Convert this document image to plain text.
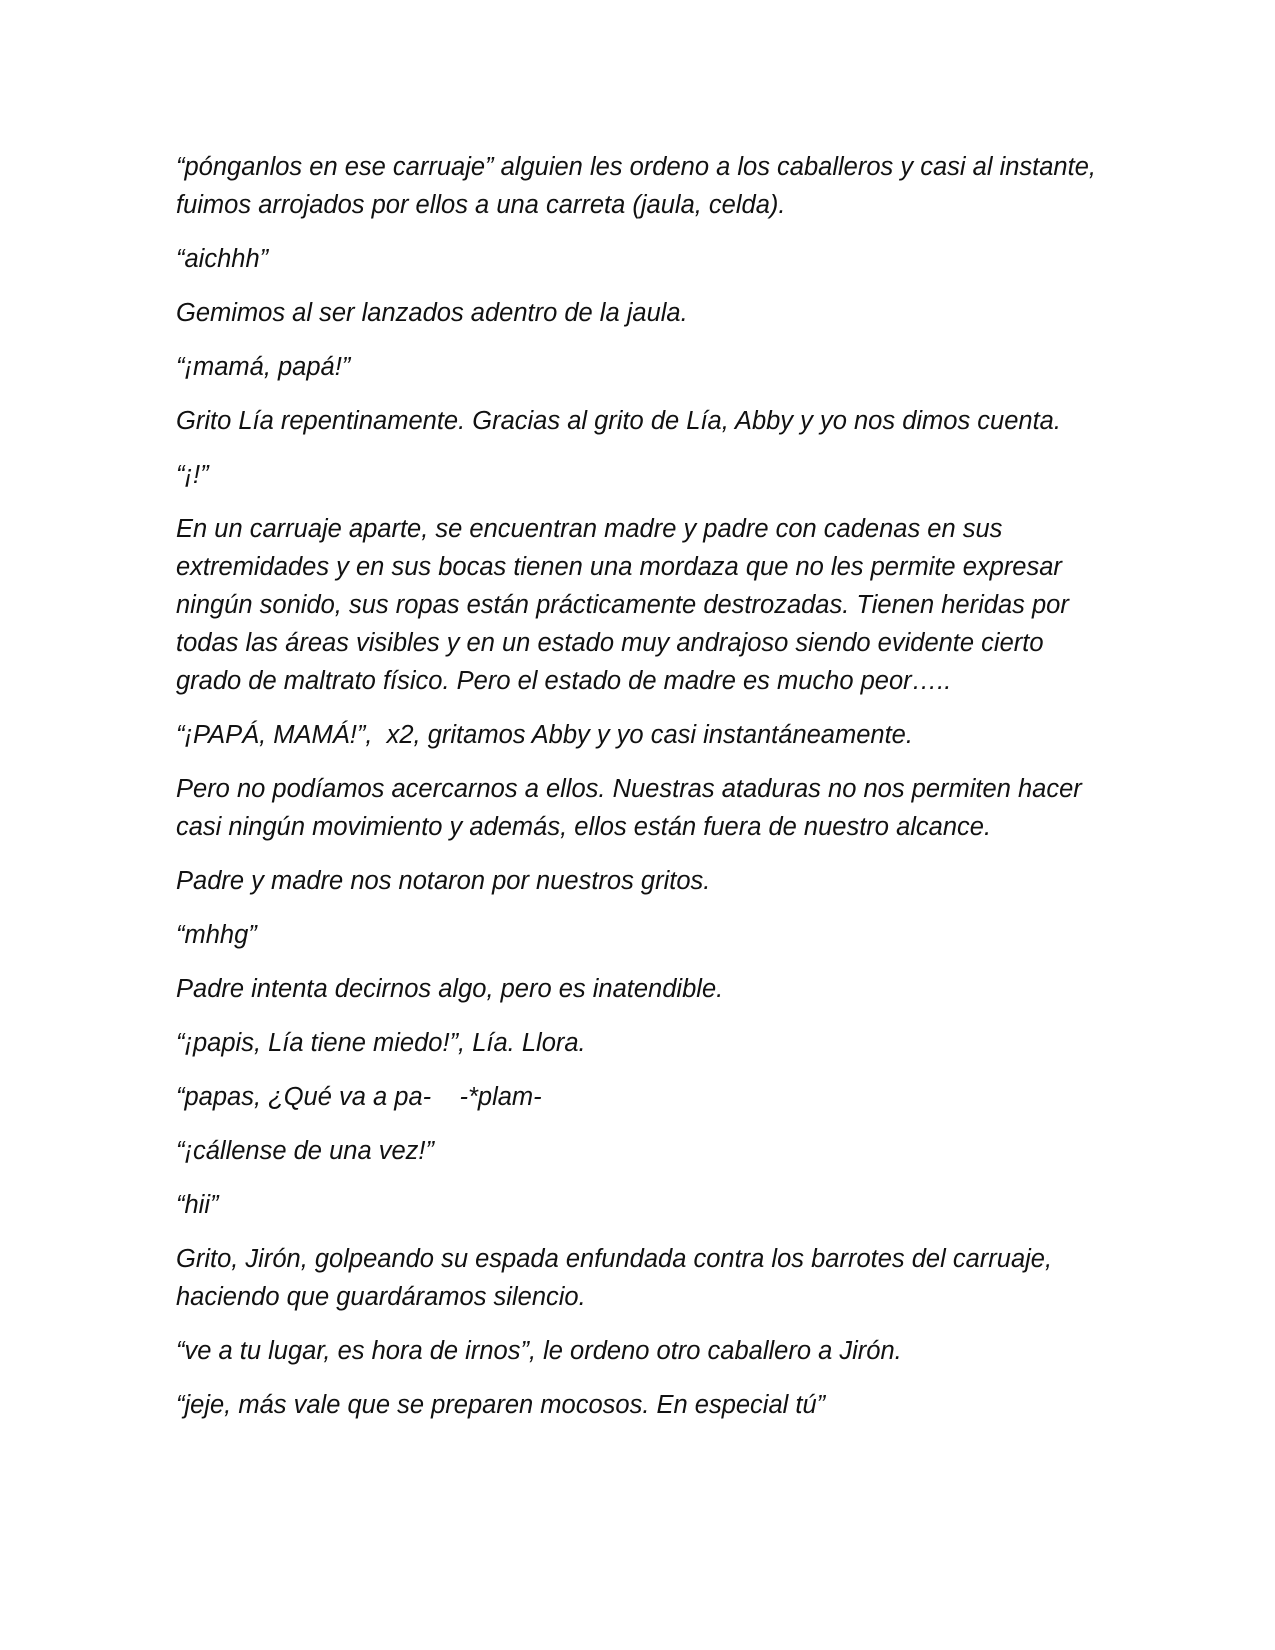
“pónganlos en ese carruaje” alguien les ordeno a los caballeros y casi al instante, fuimos arrojados por ellos a una carreta (jaula, celda).

“aichhh”

Gemimos al ser lanzados adentro de la jaula.

“¡mamá, papá!”

Grito Lía repentinamente. Gracias al grito de Lía, Abby y yo nos dimos cuenta.

“¡!”

En un carruaje aparte, se encuentran madre y padre con cadenas en sus extremidades y en sus bocas tienen una mordaza que no les permite expresar ningún sonido, sus ropas están prácticamente destrozadas. Tienen heridas por todas las áreas visibles y en un estado muy andrajoso siendo evidente cierto grado de maltrato físico. Pero el estado de madre es mucho peor…..

“¡PAPÁ, MAMÁ!”,  x2, gritamos Abby y yo casi instantáneamente.

Pero no podíamos acercarnos a ellos. Nuestras ataduras no nos permiten hacer casi ningún movimiento y además, ellos están fuera de nuestro alcance.

Padre y madre nos notaron por nuestros gritos.

“mhhg”

Padre intenta decirnos algo, pero es inatendible.

“¡papis, Lía tiene miedo!”, Lía. Llora.

“papas, ¿Qué va a pa-    -*plam-

“¡cállense de una vez!”

“hii”

Grito, Jirón, golpeando su espada enfundada contra los barrotes del carruaje, haciendo que guardáramos silencio.

“ve a tu lugar, es hora de irnos”, le ordeno otro caballero a Jirón.

“jeje, más vale que se preparen mocosos. En especial tú”
